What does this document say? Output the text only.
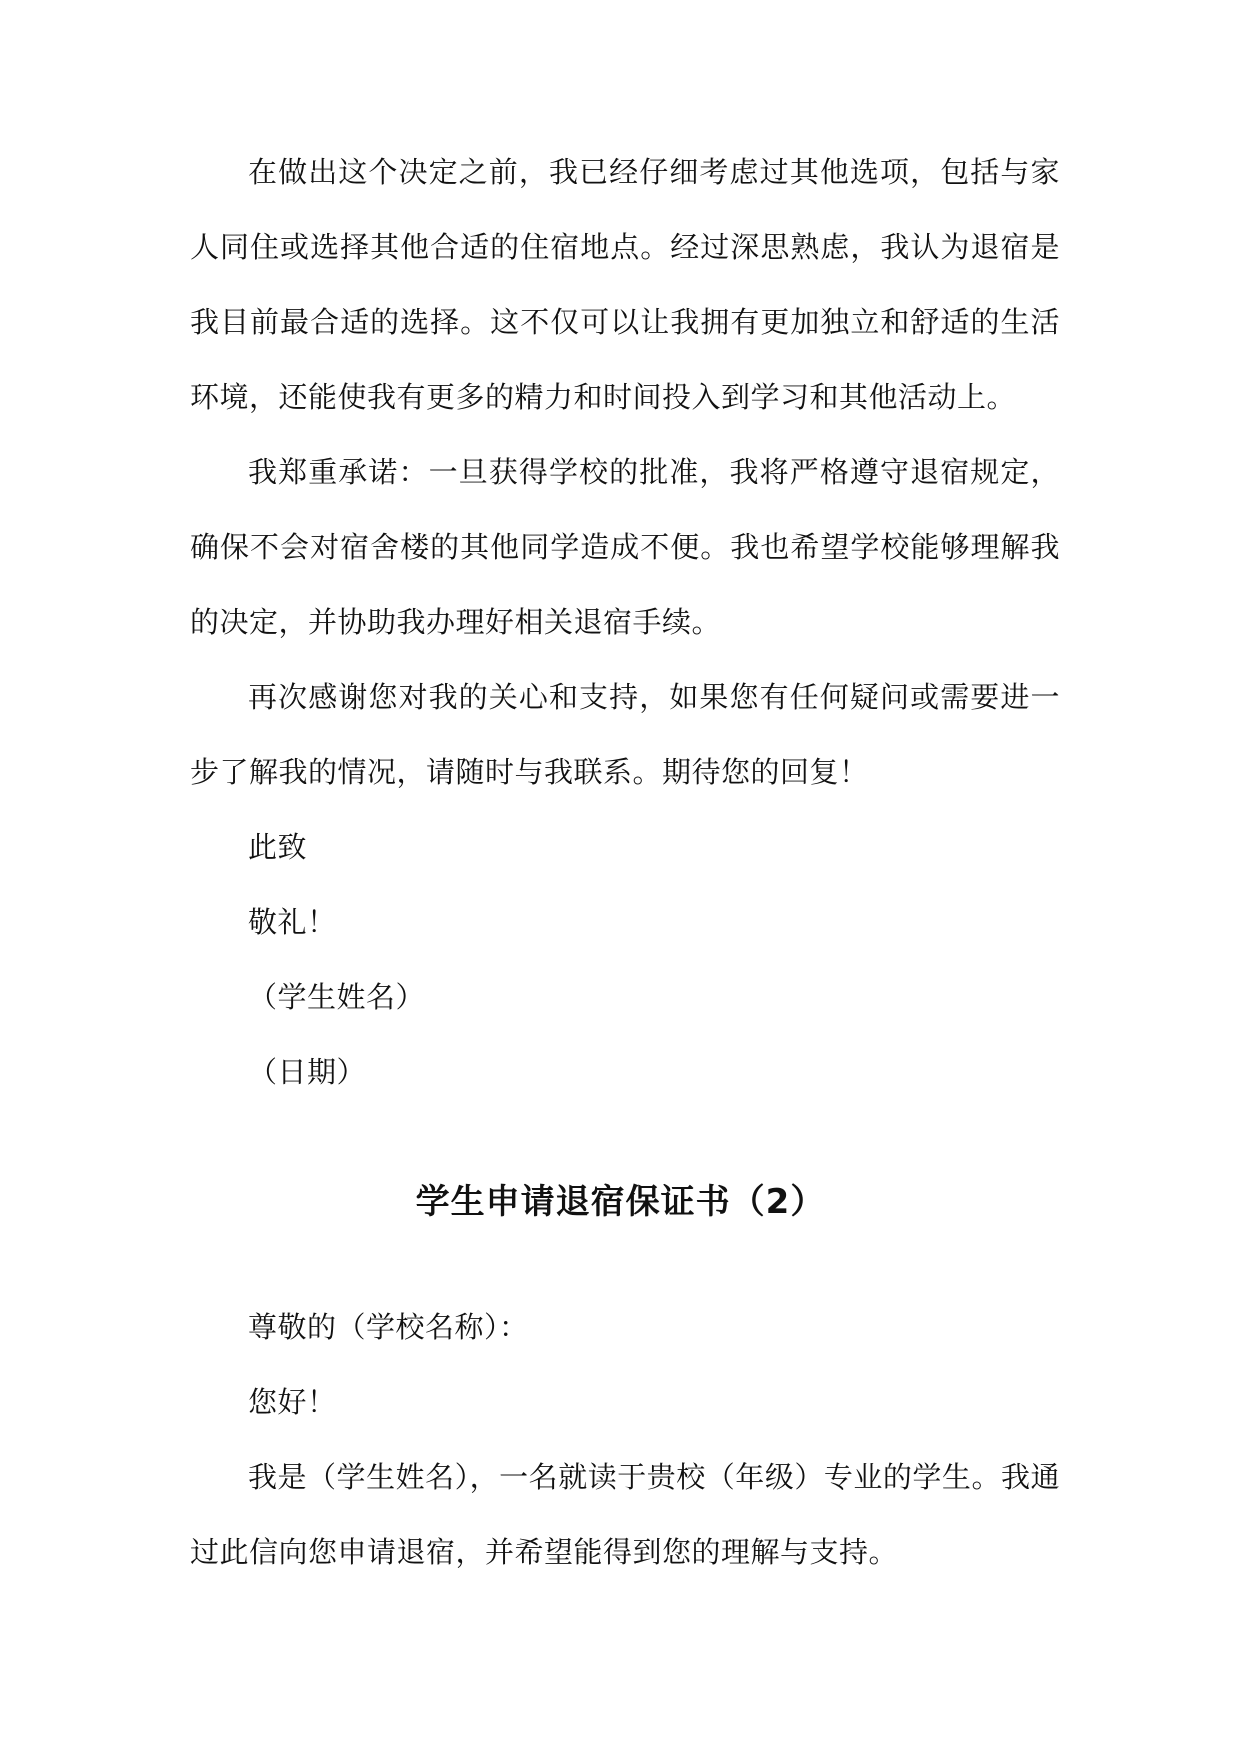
在做出这个决定之前，我已经仔细考虑过其他选项，包括与家人同住或选择其他合适的住宿地点。经过深思熟虑，我认为退宿是我目前最合适的选择。这不仅可以让我拥有更加独立和舒适的生活环境，还能使我有更多的精力和时间投入到学习和其他活动上。

我郑重承诺：一旦获得学校的批准，我将严格遵守退宿规定，确保不会对宿舍楼的其他同学造成不便。我也希望学校能够理解我的决定，并协助我办理好相关退宿手续。

再次感谢您对我的关心和支持，如果您有任何疑问或需要进一步了解我的情况，请随时与我联系。期待您的回复！

此致

敬礼！

（学生姓名）

（日期）

学生申请退宿保证书（2）

尊敬的（学校名称）：

您好！

我是（学生姓名），一名就读于贵校（年级）专业的学生。我通过此信向您申请退宿，并希望能得到您的理解与支持。
